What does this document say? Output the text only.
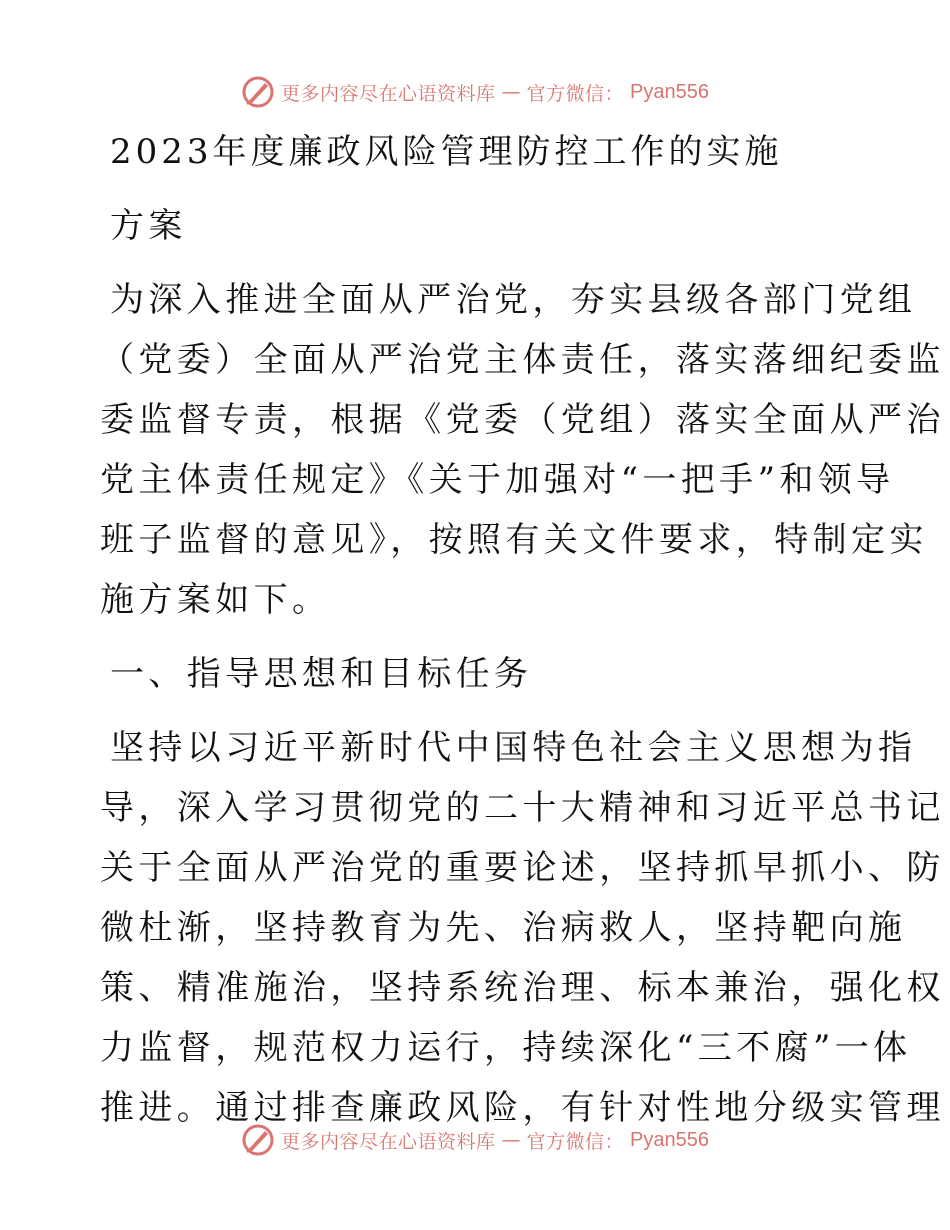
更多内容尽在心语资料库 — 官方微信： Pyan556
2023年度廉政风险管理防控工作的实施
方案
为深入推进全面从严治党，夯实县级各部门党组
（党委）全面从严治党主体责任，落实落细纪委监
委监督专责，根据《党委（党组）落实全面从严治
党主体责任规定》《关于加强对“一把手”和领导
班子监督的意见》，按照有关文件要求，特制定实
施方案如下。
一、指导思想和目标任务
坚持以习近平新时代中国特色社会主义思想为指
导，深入学习贯彻党的二十大精神和习近平总书记
关于全面从严治党的重要论述，坚持抓早抓小、防
微杜渐，坚持教育为先、治病救人，坚持靶向施
策、精准施治，坚持系统治理、标本兼治，强化权
力监督，规范权力运行，持续深化“三不腐”一体
推进。通过排查廉政风险，有针对性地分级实管理
更多内容尽在心语资料库 — 官方微信： Pyan556
